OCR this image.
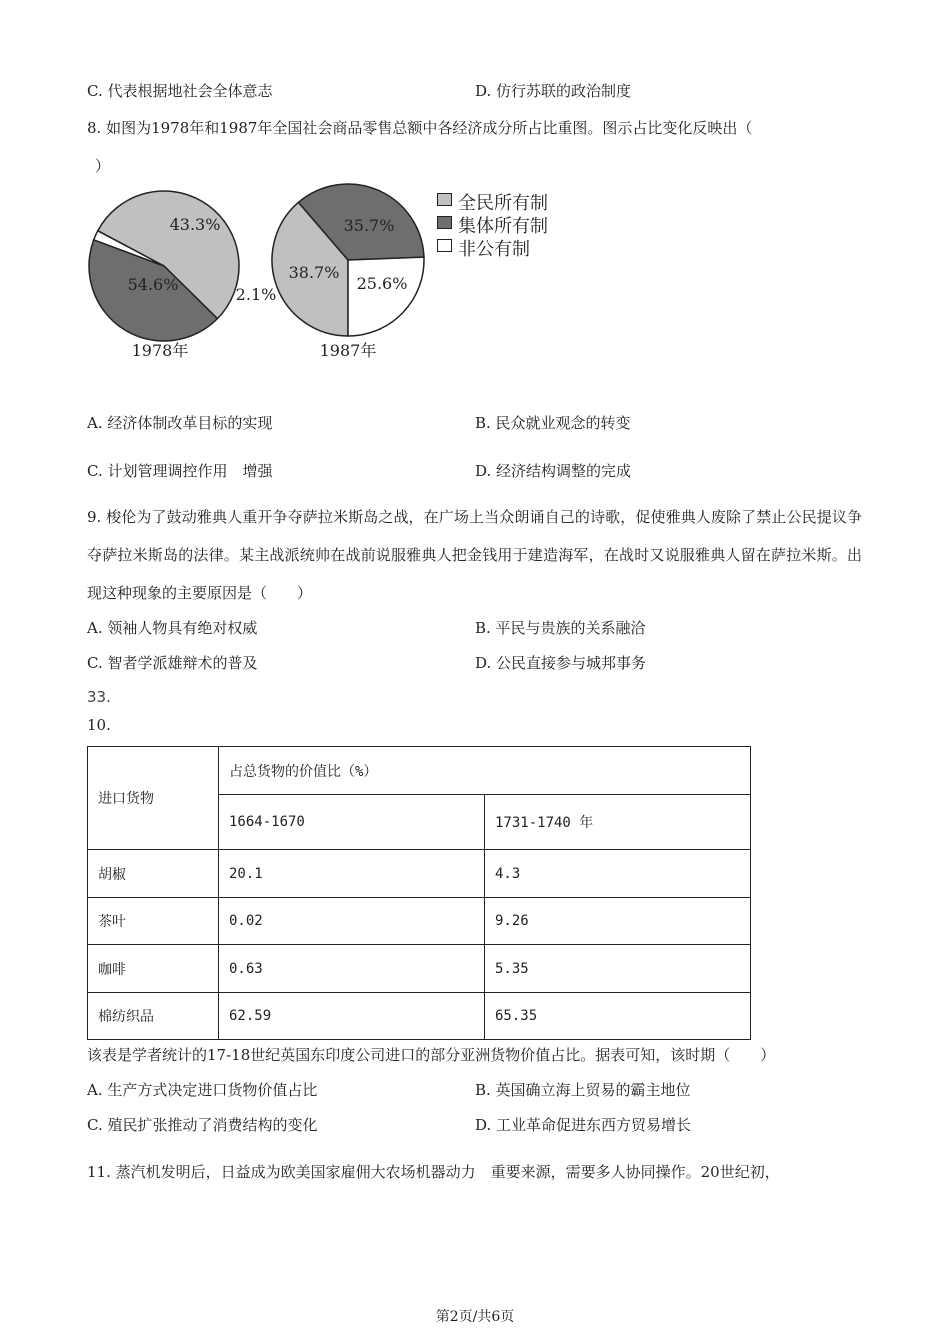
C. 代表根据地社会全体意志	D. 仿行苏联的政治制度
8. 如图为1978年和1987年全国社会商品零售总额中各经济成分所占比重图。图示占比变化反映出（
）
54.6%
43.3%
2.1%
38.7%
35.7%
25.6%
1978年	1987年
全民所有制
集体所有制
非公有制
A. 经济体制改革目标的实现	B. 民众就业观念的转变
C. 计划管理调控作用　增强	D. 经济结构调整的完成
9. 梭伦为了鼓动雅典人重开争夺萨拉米斯岛之战，在广场上当众朗诵自己的诗歌，促使雅典人废除了禁止公民提议争夺萨拉米斯岛的法律。某主战派统帅在战前说服雅典人把金钱用于建造海军，在战时又说服雅典人留在萨拉米斯。出现这种现象的主要原因是（　　）
A. 领袖人物具有绝对权威	B. 平民与贵族的关系融洽
C. 智者学派雄辩术的普及	D. 公民直接参与城邦事务
33.
10.
进口货物	占总货物的价值比（%）	
	1664-1670	1731-1740 年
胡椒	20.1	4.3
茶叶	0.02	9.26
咖啡	0.63	5.35
棉纺织品	62.59	65.35
该表是学者统计的17-18世纪英国东印度公司进口的部分亚洲货物价值占比。据表可知，该时期（　　）
A. 生产方式决定进口货物价值占比	B. 英国确立海上贸易的霸主地位
C. 殖民扩张推动了消费结构的变化	D. 工业革命促进东西方贸易增长
11. 蒸汽机发明后，日益成为欧美国家雇佣大农场机器动力　重要来源，需要多人协同操作。20世纪初，
第2页/共6页
